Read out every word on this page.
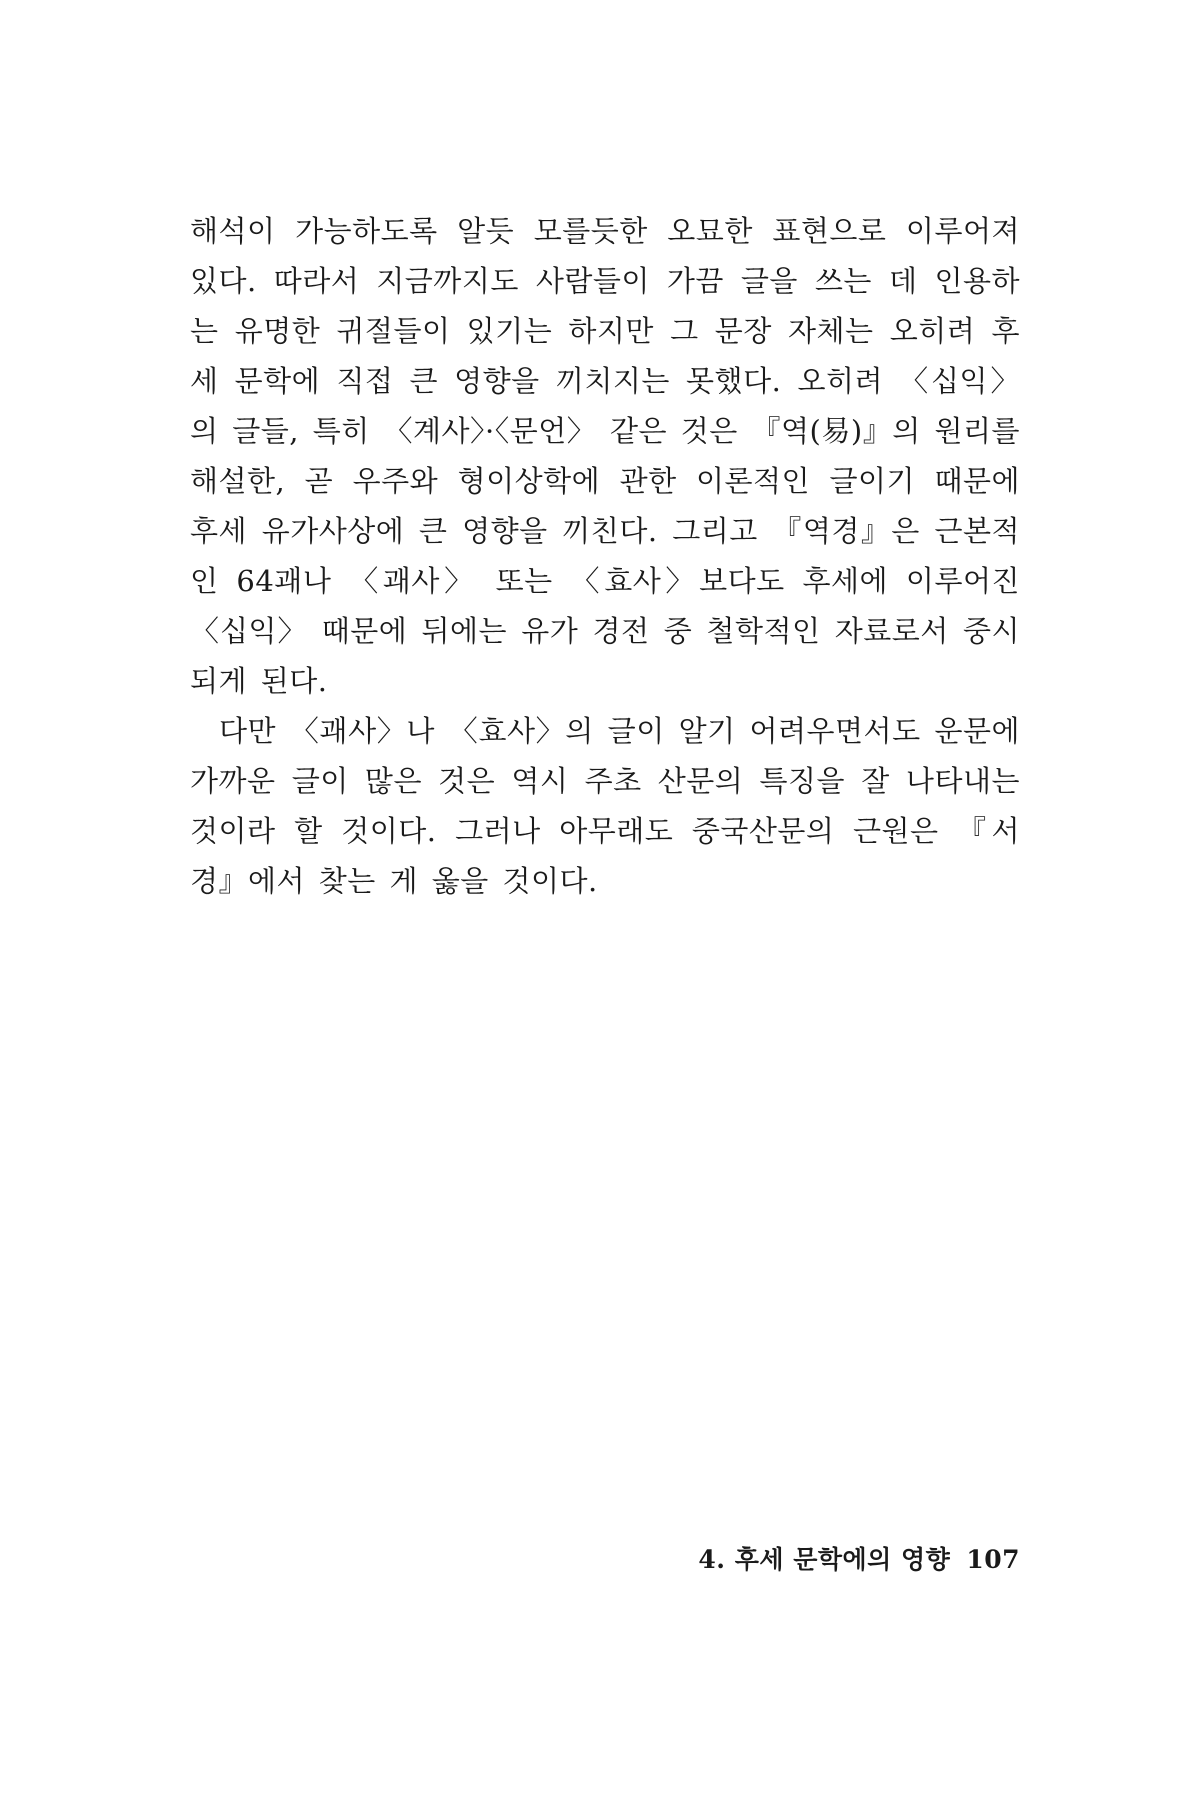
해석이 가능하도록 알듯 모를듯한 오묘한 표현으로 이루어져 있다. 따라서 지금까지도 사람들이 가끔 글을 쓰는 데 인용하는 유명한 귀절들이 있기는 하지만 그 문장 자체는 오히려 후세 문학에 직접 큰 영향을 끼치지는 못했다. 오히려 〈십익〉의 글들, 특히 〈계사〉·〈문언〉 같은 것은 『역(易)』의 원리를 해설한, 곧 우주와 형이상학에 관한 이론적인 글이기 때문에 후세 유가사상에 큰 영향을 끼친다. 그리고 『역경』은 근본적인 64괘나 〈괘사〉 또는 〈효사〉보다도 후세에 이루어진 〈십익〉 때문에 뒤에는 유가 경전 중 철학적인 자료로서 중시되게 된다.

다만 〈괘사〉나 〈효사〉의 글이 알기 어려우면서도 운문에 가까운 글이 많은 것은 역시 주초 산문의 특징을 잘 나타내는 것이라 할 것이다. 그러나 아무래도 중국산문의 근원은 『서경』에서 찾는 게 옳을 것이다.

4. 후세 문학에의 영향 107
